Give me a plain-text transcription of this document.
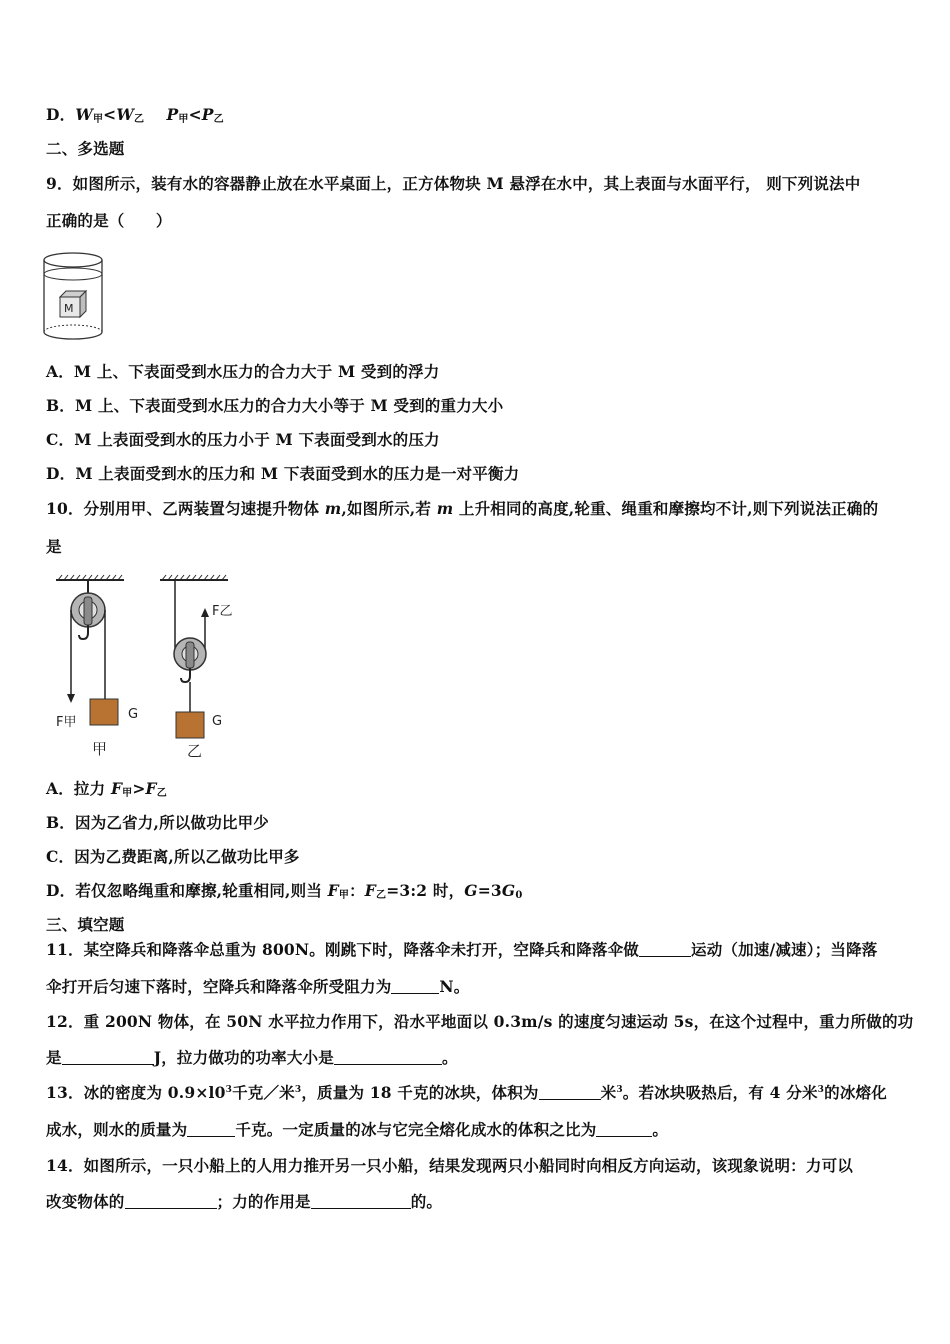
D．$W_甲<W_乙$ $P_甲<P_乙$
二、多选题
9．如图所示，装有水的容器静止放在水平桌面上，正方体物块 M 悬浮在水中，其上表面与水面平行， 则下列说法中
正确的是（　　）
M
A．M 上、下表面受到水压力的合力大于 M 受到的浮力
B．M 上、下表面受到水压力的合力大小等于 M 受到的重力大小
C．M 上表面受到水的压力小于 M 下表面受到水的压力
D．M 上表面受到水的压力和 M 下表面受到水的压力是一对平衡力
10．分别用甲、乙两装置匀速提升物体 m,如图所示,若 m 上升相同的高度,轮重、绳重和摩擦均不计,则下列说法正确的
是
G
F甲
甲
G
F乙
乙
A．拉力 $F_甲>F_乙$
B．因为乙省力,所以做功比甲少
C．因为乙费距离,所以乙做功比甲多
D．若仅忽略绳重和摩擦,轮重相同,则当 $F_甲$：$F_乙=3:2$ 时，$G=3G_0$
三、填空题
11．某空降兵和降落伞总重为 800N。刚跳下时，降落伞未打开，空降兵和降落伞做	运动（加速/减速）；当降落
伞打开后匀速下落时，空降兵和降落伞所受阻力为	N。
12．重 200N 物体，在 50N 水平拉力作用下，沿水平地面以 0.3m/s 的速度匀速运动 5s，在这个过程中，重力所做的功
是	J，拉力做功的功率大小是	。
13．冰的密度为 $0.9\times l0^3$千克／米$^3$，质量为 18 千克的冰块，体积为	米$^3$。若冰块吸热后，有 4 分米$^3$的冰熔化
成水，则水的质量为	千克。一定质量的冰与它完全熔化成水的体积之比为	。
14．如图所示，一只小船上的人用力推开另一只小船，结果发现两只小船同时向相反方向运动，该现象说明：力可以
改变物体的	；力的作用是	的。
